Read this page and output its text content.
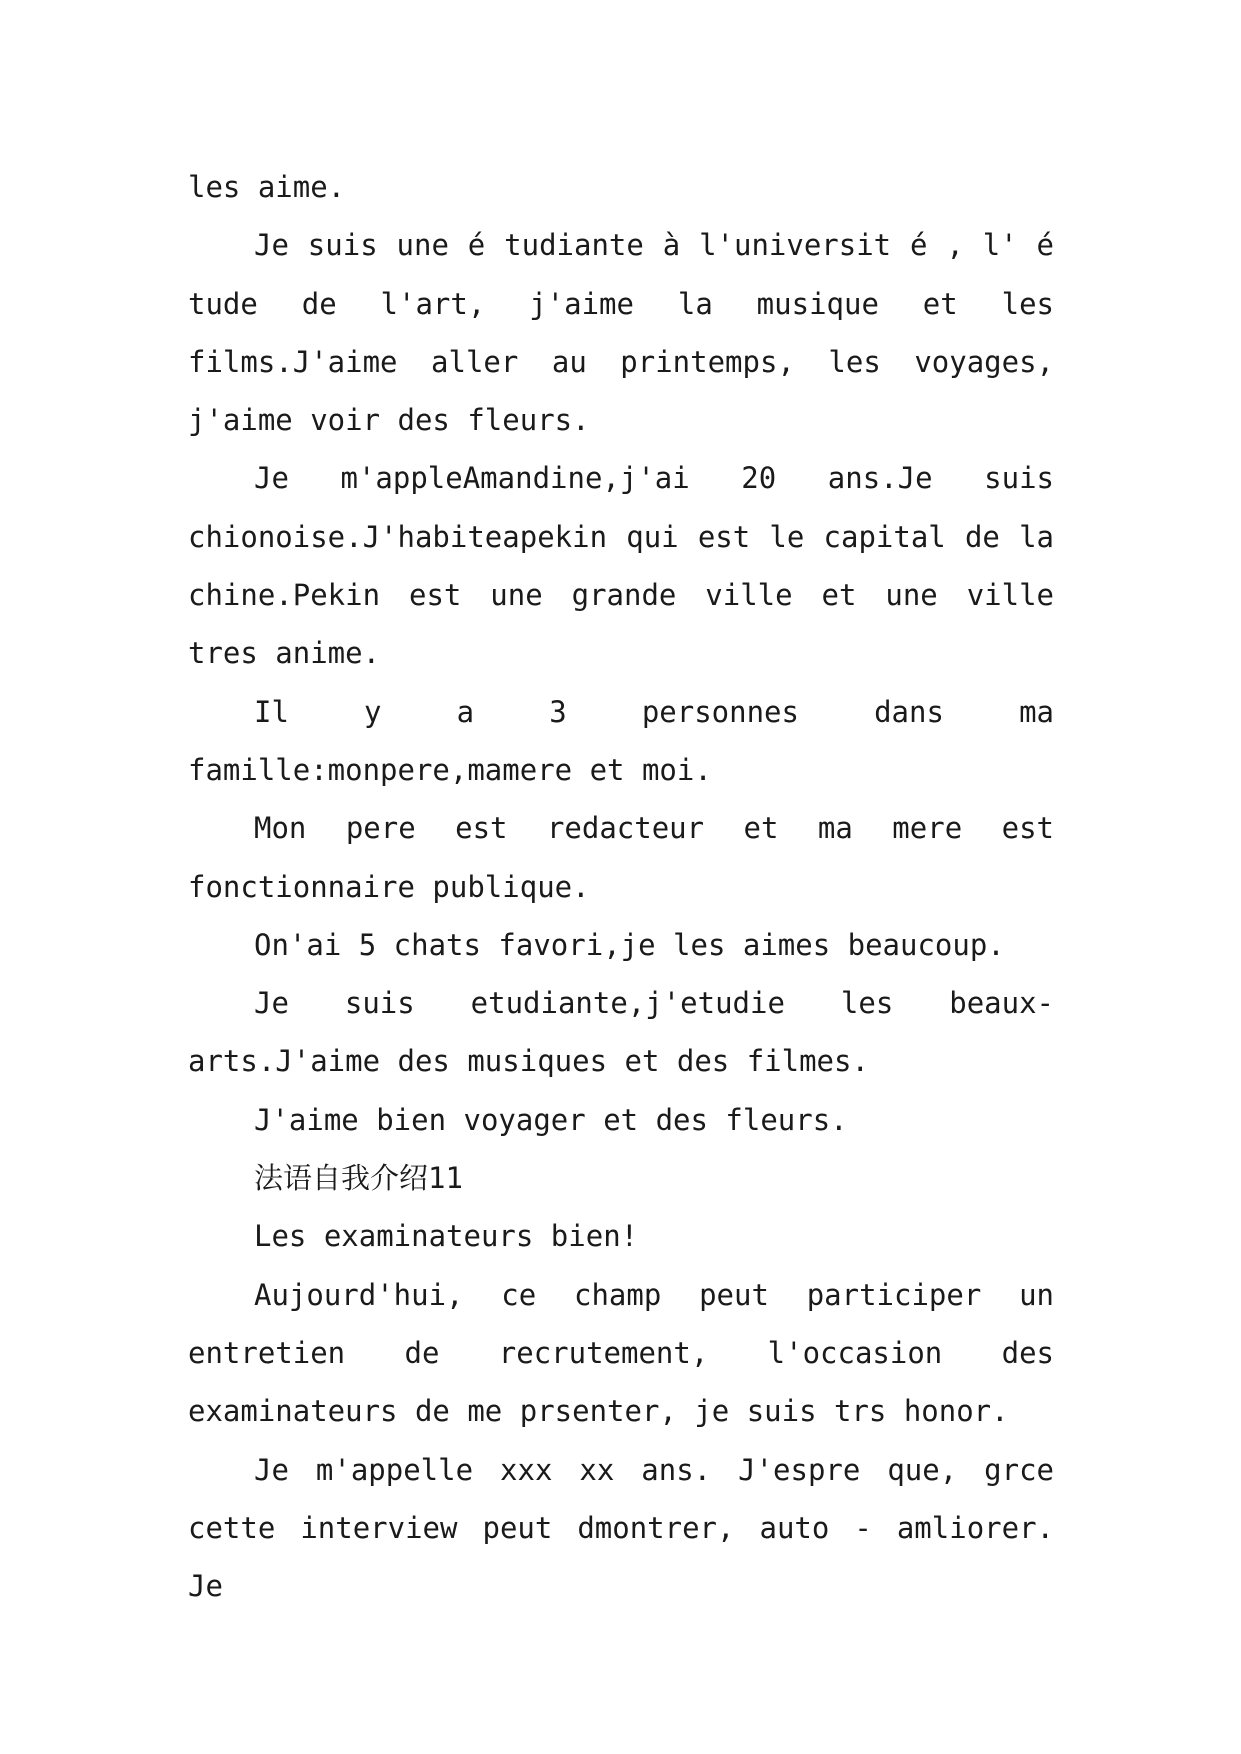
les aime.

Je suis une é tudiante à l'universit é , l' é tude de l'art, j'aime la musique et les films.J'aime aller au printemps, les voyages, j'aime voir des fleurs.

Je m'appleAmandine,j'ai 20 ans.Je suis chionoise.J'habiteapekin qui est le capital de la chine.Pekin est une grande ville et une ville tres anime.

Il y a 3 personnes dans ma famille:monpere,mamere et moi.

Mon pere est redacteur et ma mere est fonctionnaire publique.

On'ai 5 chats favori,je les aimes beaucoup.

Je suis etudiante,j'etudie les beaux-arts.J'aime des musiques et des filmes.

J'aime bien voyager et des fleurs.

法语自我介绍11

Les examinateurs bien!

Aujourd'hui, ce champ peut participer un entretien de recrutement, l'occasion des examinateurs de me prsenter, je suis trs honor.

Je m'appelle xxx xx ans. J'espre que, grce cette interview peut dmontrer, auto - amliorer. Je
